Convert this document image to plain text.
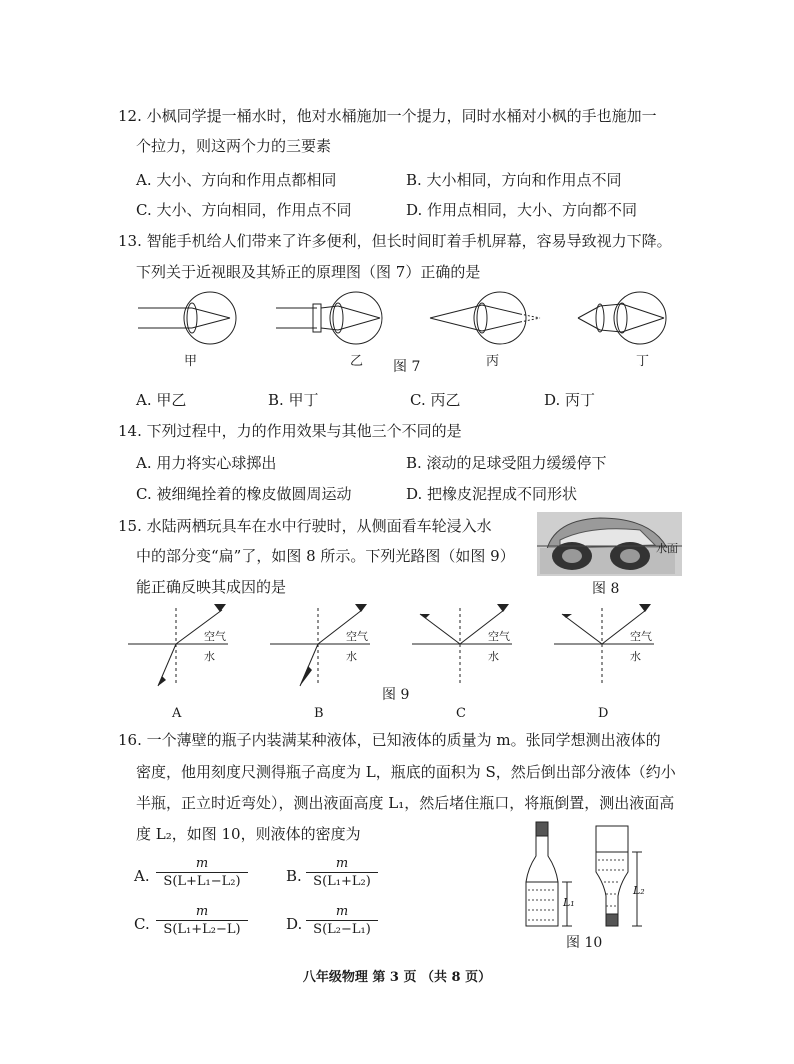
12. 小枫同学提一桶水时，他对水桶施加一个提力，同时水桶对小枫的手也施加一
个拉力，则这两个力的三要素
A. 大小、方向和作用点都相同	B. 大小相同，方向和作用点不同
C. 大小、方向相同，作用点不同	D. 作用点相同，大小、方向都不同
13. 智能手机给人们带来了许多便利，但长时间盯着手机屏幕，容易导致视力下降。
下列关于近视眼及其矫正的原理图（图 7）正确的是
甲	乙	丙	丁
图 7
A. 甲乙	B. 甲丁	C. 丙乙	D. 丙丁
14. 下列过程中，力的作用效果与其他三个不同的是
A. 用力将实心球掷出	B. 滚动的足球受阻力缓缓停下
C. 被细绳拴着的橡皮做圆周运动	D. 把橡皮泥捏成不同形状
15. 水陆两栖玩具车在水中行驶时，从侧面看车轮浸入水
中的部分变“扁”了，如图 8 所示。下列光路图（如图 9）
能正确反映其成因的是
水面
图 8
空气
水
空气
水
空气
水
空气
水
图 9
A	B	C	D
16. 一个薄壁的瓶子内装满某种液体，已知液体的质量为 m。张同学想测出液体的
密度，他用刻度尺测得瓶子高度为 L，瓶底的面积为 S，然后倒出部分液体（约小
半瓶，正立时近弯处），测出液面高度 L₁，然后堵住瓶口，将瓶倒置，测出液面高
度 L₂，如图 10，则液体的密度为
A. $\frac{m}{\text{S(L+L₁−L₂)}}$	B. $\frac{m}{\text{S(L₁+L₂)}}$
C. $\frac{m}{\text{S(L₁+L₂−L)}}$	D. $\frac{m}{\text{S(L₂−L₁)}}$
L₁
L₂
图 10
八年级物理 第 3 页 （共 8 页）
